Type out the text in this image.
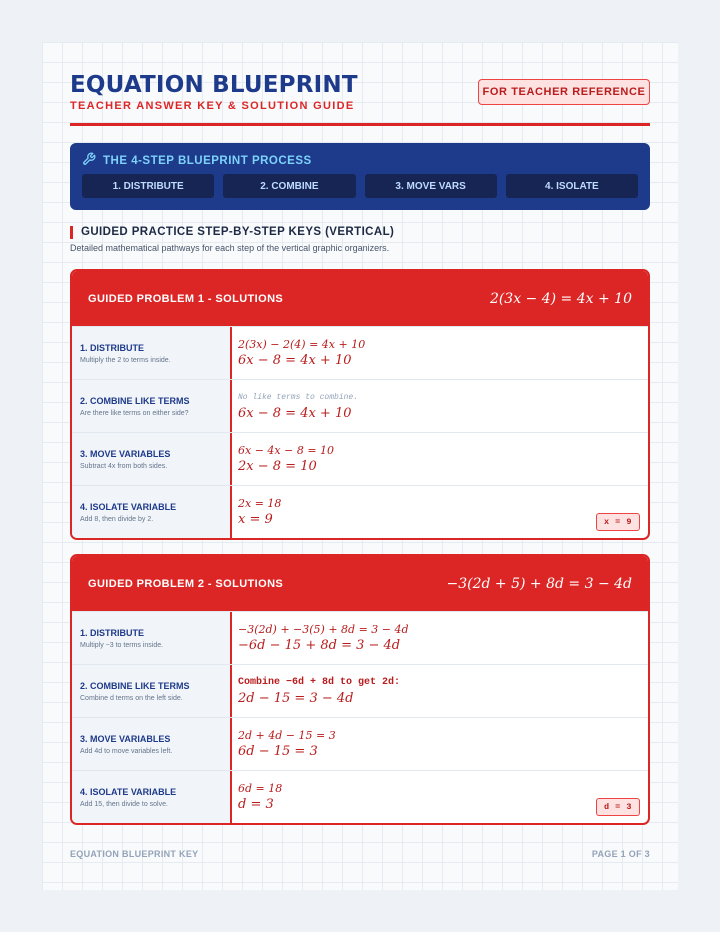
EQUATION BLUEPRINT
TEACHER ANSWER KEY & SOLUTION GUIDE
FOR TEACHER REFERENCE
THE 4-STEP BLUEPRINT PROCESS
1. DISTRIBUTE	2. COMBINE	3. MOVE VARS	4. ISOLATE
GUIDED PRACTICE STEP-BY-STEP KEYS (VERTICAL)
Detailed mathematical pathways for each step of the vertical graphic organizers.
GUIDED PROBLEM 1 - SOLUTIONS	2(3x − 4) = 4x + 10
1. DISTRIBUTE
Multiply the 2 to terms inside.
2(3x) − 2(4) = 4x + 10
6x − 8 = 4x + 10
2. COMBINE LIKE TERMS
Are there like terms on either side?
No like terms to combine.
6x − 8 = 4x + 10
3. MOVE VARIABLES
Subtract 4x from both sides.
6x − 4x − 8 = 10
2x − 8 = 10
4. ISOLATE VARIABLE
Add 8, then divide by 2.
2x = 18
x = 9	x = 9
GUIDED PROBLEM 2 - SOLUTIONS	−3(2d + 5) + 8d = 3 − 4d
1. DISTRIBUTE
Multiply −3 to terms inside.
−3(2d) + −3(5) + 8d = 3 − 4d
−6d − 15 + 8d = 3 − 4d
2. COMBINE LIKE TERMS
Combine d terms on the left side.
Combine −6d + 8d to get 2d:
2d − 15 = 3 − 4d
3. MOVE VARIABLES
Add 4d to move variables left.
2d + 4d − 15 = 3
6d − 15 = 3
4. ISOLATE VARIABLE
Add 15, then divide to solve.
6d = 18
d = 3	d = 3
EQUATION BLUEPRINT KEY	PAGE 1 OF 3
